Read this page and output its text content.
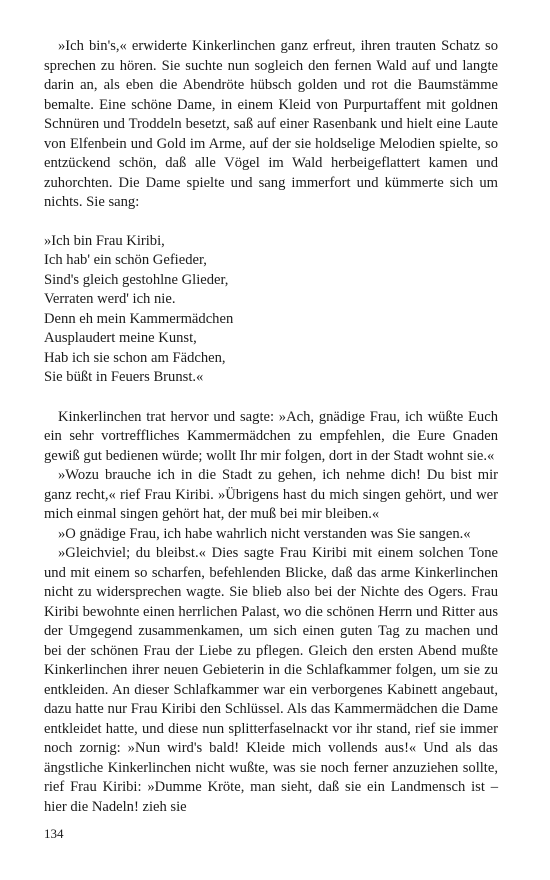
»Ich bin's,« erwiderte Kinkerlinchen ganz erfreut, ihren trauten Schatz so sprechen zu hören. Sie suchte nun sogleich den fernen Wald auf und langte darin an, als eben die Abendröte hübsch golden und rot die Baumstämme bemalte. Eine schöne Dame, in einem Kleid von Purpurtaffent mit goldnen Schnüren und Troddeln besetzt, saß auf einer Rasenbank und hielt eine Laute von Elfenbein und Gold im Arme, auf der sie holdselige Melodien spielte, so entzückend schön, daß alle Vögel im Wald herbeigeflattert kamen und zuhorchten. Die Dame spielte und sang immerfort und kümmerte sich um nichts. Sie sang:

»Ich bin Frau Kiribi,
Ich hab' ein schön Gefieder,
Sind's gleich gestohlne Glieder,
Verraten werd' ich nie.
Denn eh mein Kammermädchen
Ausplaudert meine Kunst,
Hab ich sie schon am Fädchen,
Sie büßt in Feuers Brunst.«

Kinkerlinchen trat hervor und sagte: »Ach, gnädige Frau, ich wüßte Euch ein sehr vortreffliches Kammermädchen zu empfehlen, die Eure Gnaden gewiß gut bedienen würde; wollt Ihr mir folgen, dort in der Stadt wohnt sie.«

»Wozu brauche ich in die Stadt zu gehen, ich nehme dich! Du bist mir ganz recht,« rief Frau Kiribi. »Übrigens hast du mich singen gehört, und wer mich einmal singen gehört hat, der muß bei mir bleiben.«

»O gnädige Frau, ich habe wahrlich nicht verstanden was Sie sangen.«

»Gleichviel; du bleibst.« Dies sagte Frau Kiribi mit einem solchen Tone und mit einem so scharfen, befehlenden Blicke, daß das arme Kinkerlinchen nicht zu widersprechen wagte. Sie blieb also bei der Nichte des Ogers. Frau Kiribi bewohnte einen herrlichen Palast, wo die schönen Herrn und Ritter aus der Umgegend zusammenkamen, um sich einen guten Tag zu machen und bei der schönen Frau der Liebe zu pflegen. Gleich den ersten Abend mußte Kinkerlinchen ihrer neuen Gebieterin in die Schlafkammer folgen, um sie zu entkleiden. An dieser Schlafkammer war ein verborgenes Kabinett angebaut, dazu hatte nur Frau Kiribi den Schlüssel. Als das Kammermädchen die Dame entkleidet hatte, und diese nun splitterfaselnackt vor ihr stand, rief sie immer noch zornig: »Nun wird's bald! Kleide mich vollends aus!« Und als das ängstliche Kinkerlinchen nicht wußte, was sie noch ferner anzuziehen sollte, rief Frau Kiribi: »Dumme Kröte, man sieht, daß sie ein Landmensch ist – hier die Nadeln! zieh sie

134
